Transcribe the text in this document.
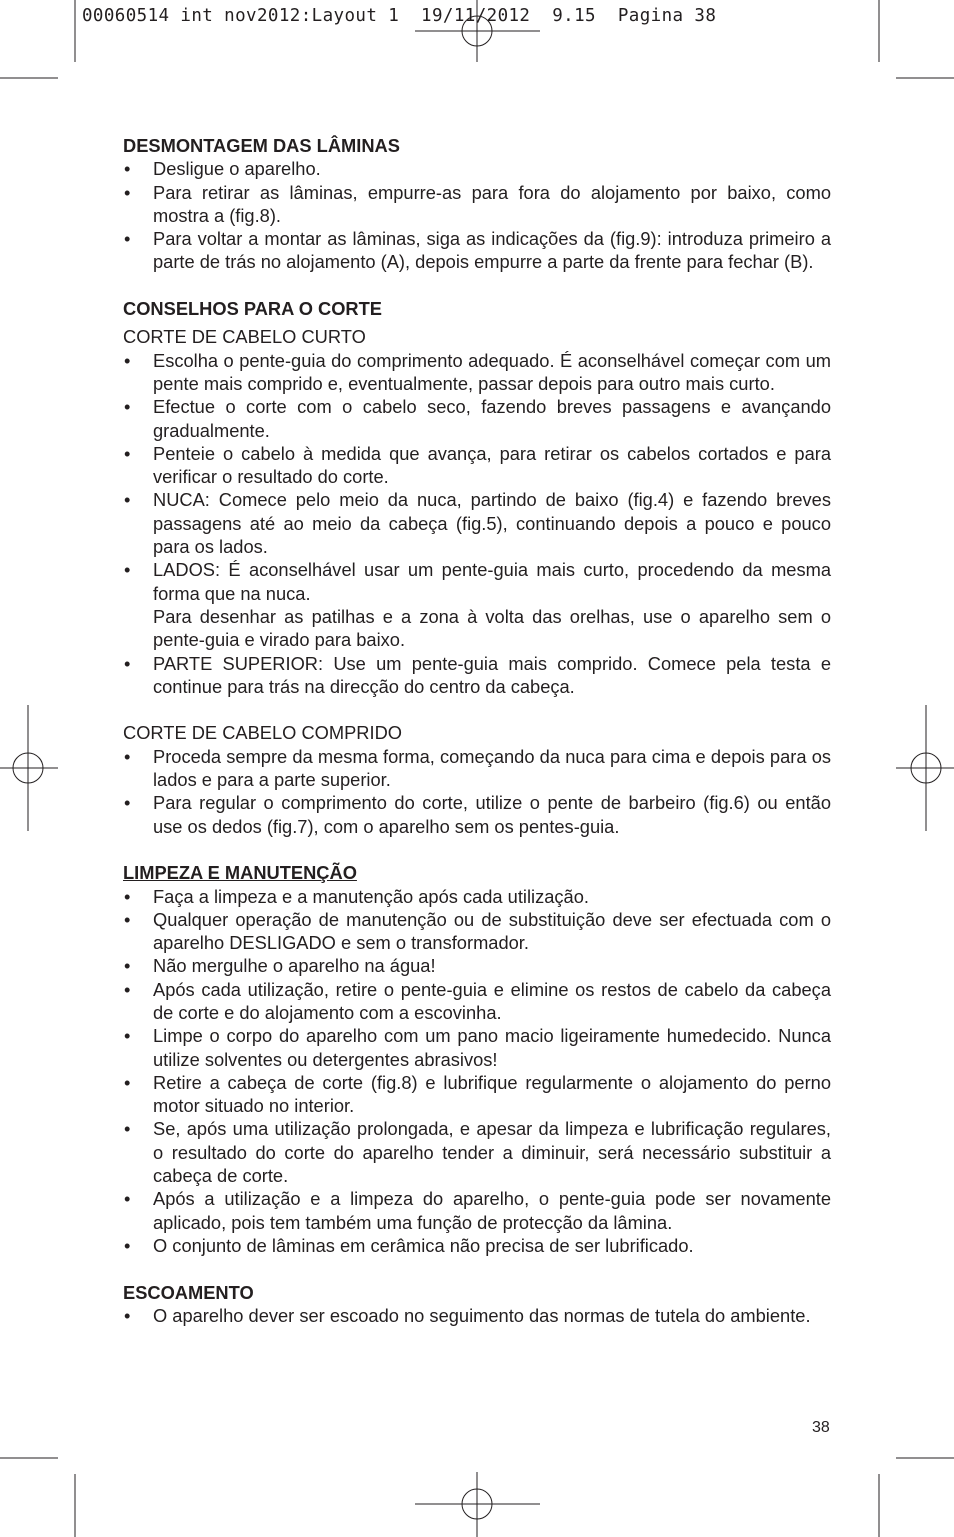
00060514 int nov2012:Layout 1  19/11/2012  9.15  Pagina 38
DESMONTAGEM DAS LÂMINAS
• Desligue o aparelho.

• Para retirar as lâminas, empurre-as para fora do alojamento por baixo, como mostra a (fig.8).

• Para voltar a montar as lâminas, siga as indicações da (fig.9): introduza primeiro a parte de trás no alojamento (A), depois empurre a parte da frente para fechar (B).

CONSELHOS PARA O CORTE
CORTE DE CABELO CURTO
• Escolha o pente-guia do comprimento adequado. É aconselhável começar com um pente mais comprido e, eventualmente, passar depois para outro mais curto.

• Efectue o corte com o cabelo seco, fazendo breves passagens e avançando gradualmente.

• Penteie o cabelo à medida que avança, para retirar os cabelos cortados e para verificar o resultado do corte.

• NUCA: Comece pelo meio da nuca, partindo de baixo (fig.4) e fazendo breves passagens até ao meio da cabeça (fig.5), continuando depois a pouco e pouco para os lados.

• LADOS: É aconselhável usar um pente-guia mais curto, procedendo da mesma forma que na nuca.

Para desenhar as patilhas e a zona à volta das orelhas, use o aparelho sem o pente-guia e virado para baixo.

• PARTE SUPERIOR: Use um pente-guia mais comprido. Comece pela testa e continue para trás na direcção do centro da cabeça.

CORTE DE CABELO COMPRIDO
• Proceda sempre da mesma forma, começando da nuca para cima e depois para os lados e para a parte superior.

• Para regular o comprimento do corte, utilize o pente de barbeiro (fig.6) ou então use os dedos (fig.7), com o aparelho sem os pentes-guia.

LIMPEZA E MANUTENÇÃO
• Faça a limpeza e a manutenção após cada utilização.

• Qualquer operação de manutenção ou de substituição deve ser efectuada com o aparelho DESLIGADO e sem o transformador.

• Não mergulhe o aparelho na água!

• Após cada utilização, retire o pente-guia e elimine os restos de cabelo da cabeça de corte e do alojamento com a escovinha.

• Limpe o corpo do aparelho com um pano macio ligeiramente humedecido. Nunca utilize solventes ou detergentes abrasivos!

• Retire a cabeça de corte (fig.8) e lubrifique regularmente o alojamento do perno motor situado no interior.

• Se, após uma utilização prolongada, e apesar da limpeza e lubrificação regulares, o resultado do corte do aparelho tender a diminuir, será necessário substituir a cabeça de corte.

• Após a utilização e a limpeza do aparelho, o pente-guia pode ser novamente aplicado, pois tem também uma função de protecção da lâmina.

• O conjunto de lâminas em cerâmica não precisa de ser lubrificado.

ESCOAMENTO
• O aparelho dever ser escoado no seguimento das normas de tutela do ambiente.

38
